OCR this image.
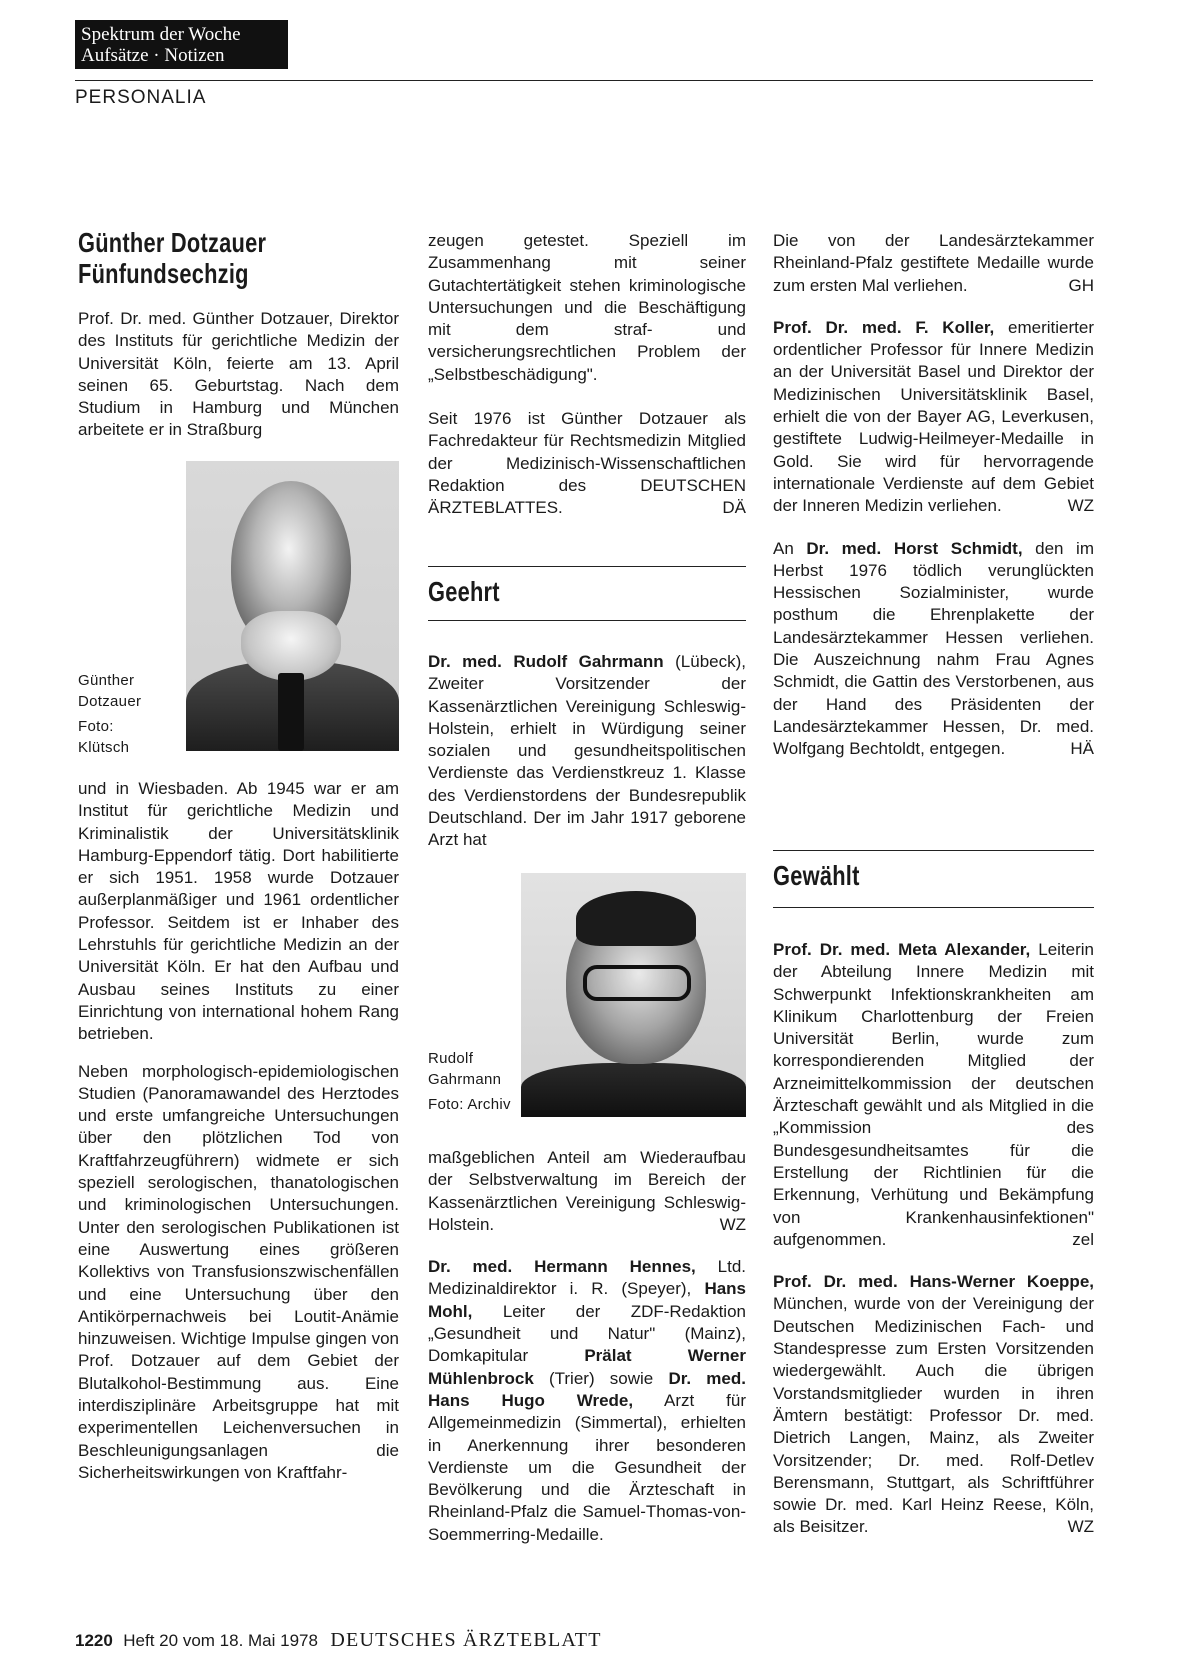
Spektrum der Woche
Aufsätze · Notizen
PERSONALIA
Günther Dotzauer
Fünfundsechzig

Prof. Dr. med. Günther Dotzauer, Direktor des Instituts für gerichtliche Medizin der Universität Köln, feierte am 13. April seinen 65. Geburtstag. Nach dem Studium in Hamburg und München arbeitete er in Straßburg

Günther
Dotzauer
Foto:
Klütsch

und in Wiesbaden. Ab 1945 war er am Institut für gerichtliche Medizin und Kriminalistik der Universitätsklinik Hamburg-Eppendorf tätig. Dort habilitierte er sich 1951. 1958 wurde Dotzauer außerplanmäßiger und 1961 ordentlicher Professor. Seitdem ist er Inhaber des Lehrstuhls für gerichtliche Medizin an der Universität Köln. Er hat den Aufbau und Ausbau seines Instituts zu einer Einrichtung von international hohem Rang betrieben.

Neben morphologisch-epidemiologischen Studien (Panoramawandel des Herztodes und erste umfangreiche Untersuchungen über den plötzlichen Tod von Kraftfahrzeugführern) widmete er sich speziell serologischen, thanatologischen und kriminologischen Untersuchungen. Unter den serologischen Publikationen ist eine Auswertung eines größeren Kollektivs von Transfusionszwischenfällen und eine Untersuchung über den Antikörpernachweis bei Loutit-Anämie hinzuweisen. Wichtige Impulse gingen von Prof. Dotzauer auf dem Gebiet der Blutalkohol-Bestimmung aus. Eine interdisziplinäre Arbeitsgruppe hat mit experimentellen Leichenversuchen in Beschleunigungsanlagen die Sicherheitswirkungen von Kraftfahr-

zeugen getestet. Speziell im Zusammenhang mit seiner Gutachtertätigkeit stehen kriminologische Untersuchungen und die Beschäftigung mit dem straf- und versicherungsrechtlichen Problem der „Selbstbeschädigung".

Seit 1976 ist Günther Dotzauer als Fachredakteur für Rechtsmedizin Mitglied der Medizinisch-Wissenschaftlichen Redaktion des DEUTSCHEN ÄRZTEBLATTES.	DÄ

Geehrt

Dr. med. Rudolf Gahrmann (Lübeck), Zweiter Vorsitzender der Kassenärztlichen Vereinigung Schleswig-Holstein, erhielt in Würdigung seiner sozialen und gesundheitspolitischen Verdienste das Verdienstkreuz 1. Klasse des Verdienstordens der Bundesrepublik Deutschland. Der im Jahr 1917 geborene Arzt hat

Rudolf
Gahrmann
Foto: Archiv

maßgeblichen Anteil am Wiederaufbau der Selbstverwaltung im Bereich der Kassenärztlichen Vereinigung Schleswig-Holstein.	WZ

Dr. med. Hermann Hennes, Ltd. Medizinaldirektor i. R. (Speyer), Hans Mohl, Leiter der ZDF-Redaktion „Gesundheit und Natur" (Mainz), Domkapitular	Prälat Werner Mühlenbrock (Trier) sowie Dr. med. Hans Hugo Wrede, Arzt für Allgemeinmedizin (Simmertal), erhielten in Anerkennung ihrer besonderen Verdienste um die Gesundheit der Bevölkerung und die Ärzteschaft in Rheinland-Pfalz die Samuel-Thomas-von-Soemmerring-Medaille.

Die von der Landesärztekammer Rheinland-Pfalz gestiftete Medaille wurde zum ersten Mal verliehen.	GH

Prof. Dr. med. F. Koller, emeritierter ordentlicher Professor für Innere Medizin an der Universität Basel und Direktor der Medizinischen Universitätsklinik Basel, erhielt die von der Bayer AG, Leverkusen, gestiftete Ludwig-Heilmeyer-Medaille in Gold. Sie wird für hervorragende internationale Verdienste auf dem Gebiet der Inneren Medizin verliehen.	WZ

An Dr. med. Horst Schmidt, den im Herbst 1976 tödlich verunglückten Hessischen Sozialminister, wurde posthum die Ehrenplakette der Landesärztekammer Hessen verliehen. Die Auszeichnung nahm Frau Agnes Schmidt, die Gattin des Verstorbenen, aus der Hand des Präsidenten der Landesärztekammer Hessen, Dr. med. Wolfgang Bechtoldt, entgegen.	HÄ

Gewählt

Prof. Dr. med. Meta Alexander, Leiterin der Abteilung Innere Medizin mit Schwerpunkt Infektionskrankheiten am Klinikum Charlottenburg der Freien Universität Berlin, wurde zum korrespondierenden Mitglied der Arzneimittelkommission der deutschen Ärzteschaft gewählt und als Mitglied in die „Kommission des Bundesgesundheitsamtes für die Erstellung der Richtlinien für die Erkennung, Verhütung und Bekämpfung von Krankenhausinfektionen" aufgenommen.	zel

Prof. Dr. med. Hans-Werner Koeppe, München, wurde von der Vereinigung der Deutschen Medizinischen Fach- und Standespresse zum Ersten Vorsitzenden wiedergewählt. Auch die übrigen Vorstandsmitglieder wurden in ihren Ämtern bestätigt: Professor Dr. med. Dietrich Langen, Mainz, als Zweiter Vorsitzender; Dr. med. Rolf-Detlev Berensmann, Stuttgart, als Schriftführer sowie Dr. med. Karl Heinz Reese, Köln, als Beisitzer.	WZ

1220 Heft 20 vom 18. Mai 1978 DEUTSCHES ÄRZTEBLATT
